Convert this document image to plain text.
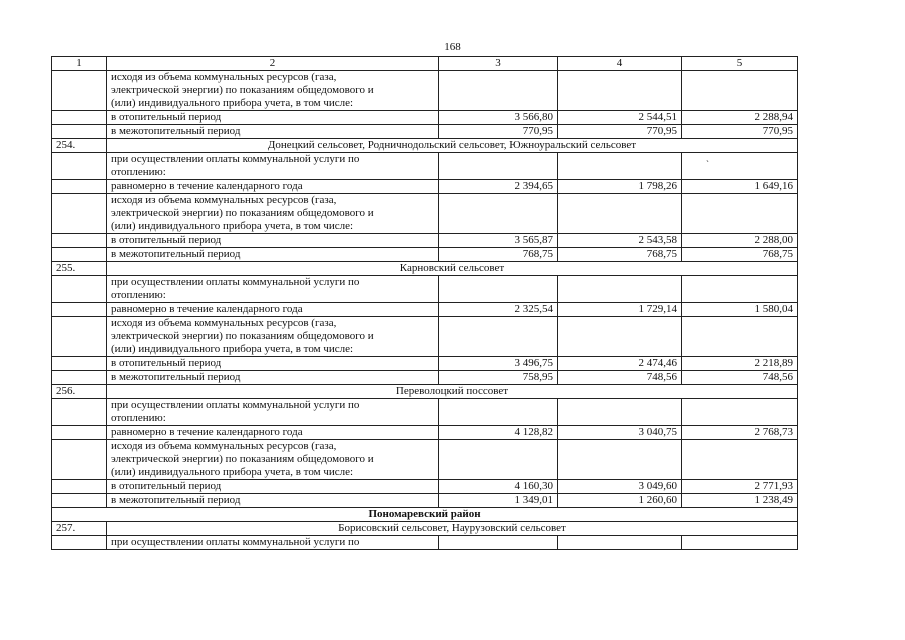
168
1	2	3	4	5

	исходя из объема коммунальных ресурсов (газа,
электрической энергии) по показаниям общедомового и
(или) индивидуального прибора учета, в том числе:			

	в отопительный период	3 566,80	2 544,51	2 288,94
	в межотопительный период	770,95	770,95	770,95
254.	Донецкий сельсовет, Родничнодольский сельсовет, Южноуральский сельсовет			

	при осуществлении оплаты коммунальной услуги по
отоплению:			`
	равномерно в течение календарного года	2 394,65	1 798,26	1 649,16

	исходя из объема коммунальных ресурсов (газа,
электрической энергии) по показаниям общедомового и
(или) индивидуального прибора учета, в том числе:			

	в отопительный период	3 565,87	2 543,58	2 288,00
	в межотопительный период	768,75	768,75	768,75
255.	Карновский сельсовет			

	при осуществлении оплаты коммунальной услуги по
отоплению:			

	равномерно в течение календарного года	2 325,54	1 729,14	1 580,04

	исходя из объема коммунальных ресурсов (газа,
электрической энергии) по показаниям общедомового и
(или) индивидуального прибора учета, в том числе:			

	в отопительный период	3 496,75	2 474,46	2 218,89
	в межотопительный период	758,95	748,56	748,56
256.	Переволоцкий поссовет			

	при осуществлении оплаты коммунальной услуги по
отоплению:			

	равномерно в течение календарного года	4 128,82	3 040,75	2 768,73

	исходя из объема коммунальных ресурсов (газа,
электрической энергии) по показаниям общедомового и
(или) индивидуального прибора учета, в том числе:			

	в отопительный период	4 160,30	3 049,60	2 771,93
	в межотопительный период	1 349,01	1 260,60	1 238,49
Пономаревский район				
257.	Борисовский сельсовет, Наурузовский сельсовет			
	при осуществлении оплаты коммунальной услуги по			
